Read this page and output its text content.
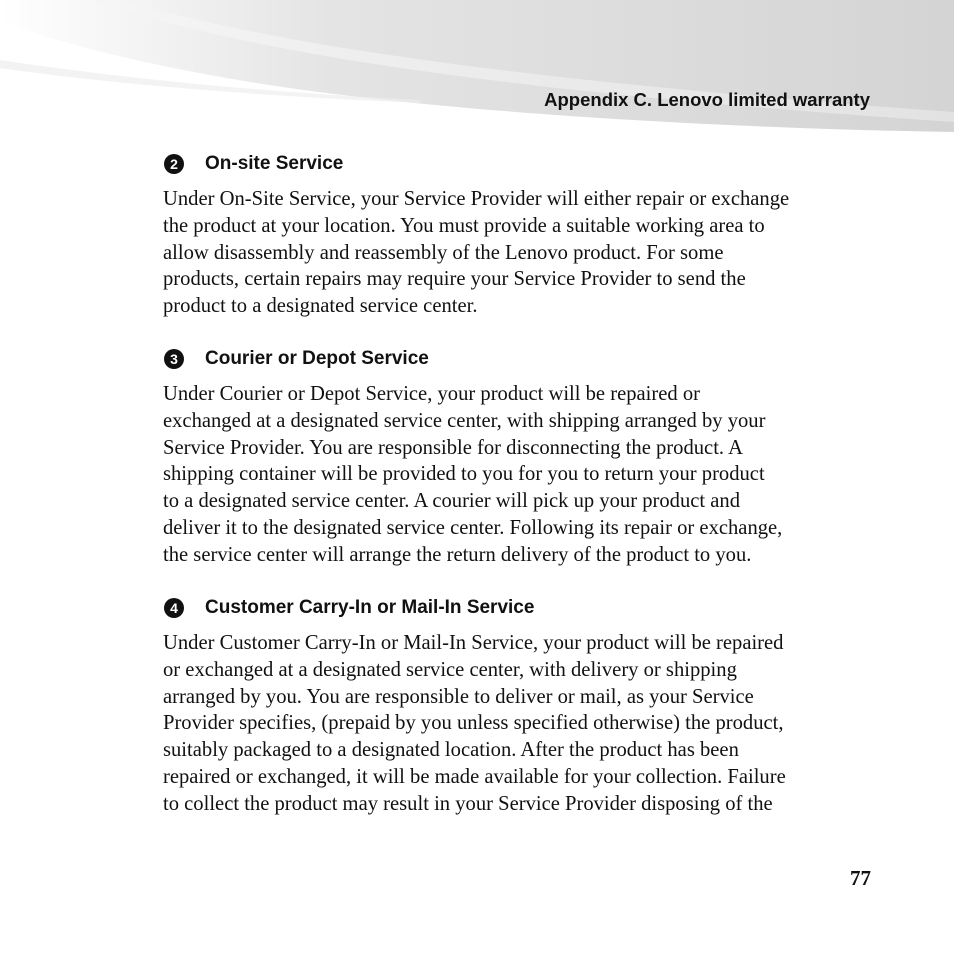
Appendix C. Lenovo limited warranty
2	On-site Service

Under On-Site Service, your Service Provider will either repair or exchange
the product at your location. You must provide a suitable working area to
allow disassembly and reassembly of the Lenovo product. For some
products, certain repairs may require your Service Provider to send the
product to a designated service center.

3	Courier or Depot Service

Under Courier or Depot Service, your product will be repaired or
exchanged at a designated service center, with shipping arranged by your
Service Provider. You are responsible for disconnecting the product. A
shipping container will be provided to you for you to return your product
to a designated service center. A courier will pick up your product and
deliver it to the designated service center. Following its repair or exchange,
the service center will arrange the return delivery of the product to you.

4	Customer Carry-In or Mail-In Service

Under Customer Carry-In or Mail-In Service, your product will be repaired
or exchanged at a designated service center, with delivery or shipping
arranged by you. You are responsible to deliver or mail, as your Service
Provider specifies, (prepaid by you unless specified otherwise) the product,
suitably packaged to a designated location. After the product has been
repaired or exchanged, it will be made available for your collection. Failure
to collect the product may result in your Service Provider disposing of the

77
